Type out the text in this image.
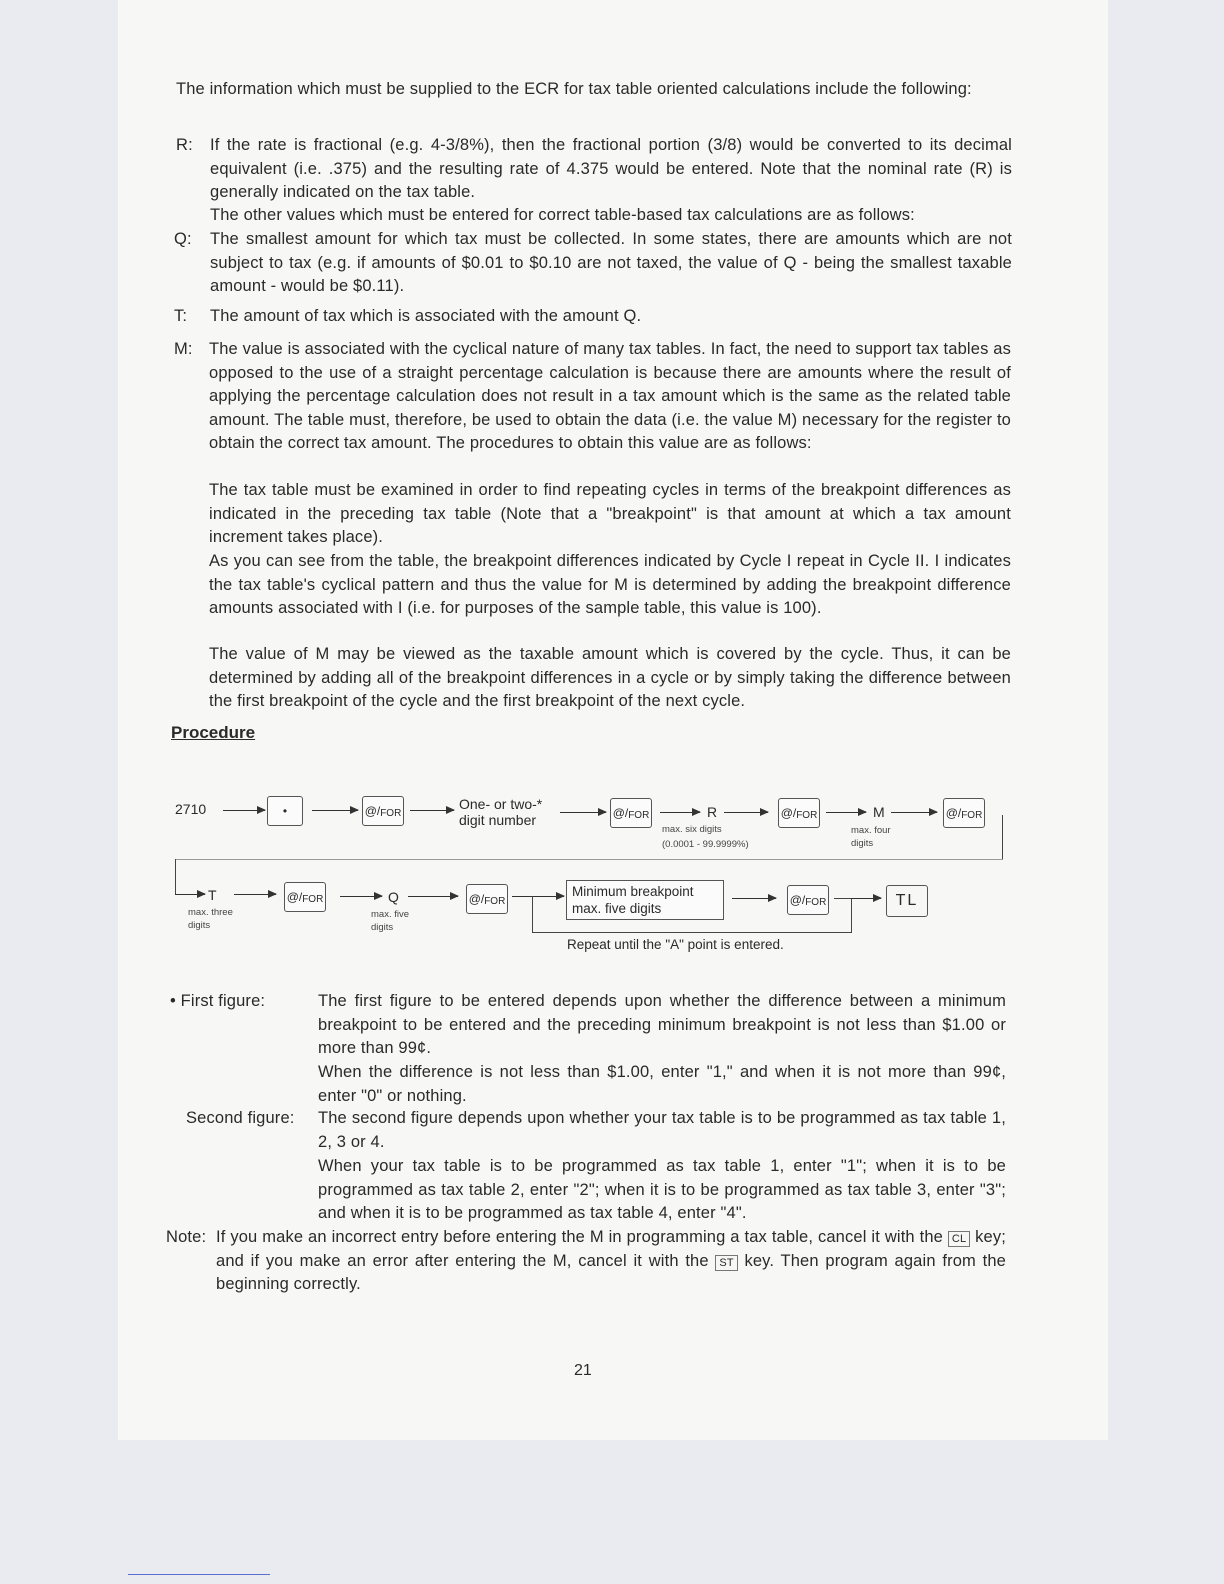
The information which must be supplied to the ECR for tax table oriented calculations include the following:
R: If the rate is fractional (e.g. 4-3/8%), then the fractional portion (3/8) would be converted to its decimal equivalent (i.e. .375) and the resulting rate of 4.375 would be entered. Note that the nominal rate (R) is generally indicated on the tax table.
The other values which must be entered for correct table-based tax calculations are as follows:
Q: The smallest amount for which tax must be collected. In some states, there are amounts which are not subject to tax (e.g. if amounts of $0.01 to $0.10 are not taxed, the value of Q - being the smallest taxable amount - would be $0.11).
T: The amount of tax which is associated with the amount Q.
M: The value is associated with the cyclical nature of many tax tables. In fact, the need to support tax tables as opposed to the use of a straight percentage calculation is because there are amounts where the result of applying the percentage calculation does not result in a tax amount which is the same as the related table amount. The table must, therefore, be used to obtain the data (i.e. the value M) necessary for the register to obtain the correct tax amount. The procedures to obtain this value are as follows:
The tax table must be examined in order to find repeating cycles in terms of the breakpoint differences as indicated in the preceding tax table (Note that a "breakpoint" is that amount at which a tax amount increment takes place).
As you can see from the table, the breakpoint differences indicated by Cycle I repeat in Cycle II. I indicates the tax table's cyclical pattern and thus the value for M is determined by adding the breakpoint difference amounts associated with I (i.e. for purposes of the sample table, this value is 100).
The value of M may be viewed as the taxable amount which is covered by the cycle. Thus, it can be determined by adding all of the breakpoint differences in a cycle or by simply taking the difference between the first breakpoint of the cycle and the first breakpoint of the next cycle.
Procedure
2710	•	@/ FOR
One- or two-* digit number	@/ FOR	R
max. six digits
(0.0001 - 99.9999%)
@/ FOR	M
max. four digits
@/ FOR
T
max. three digits
@/ FOR	Q
max. five digits
@/ FOR
Minimum breakpoint
max. five digits
@/ FOR	TL
Repeat until the "A" point is entered.
• First figure:	The first figure to be entered depends upon whether the difference between a minimum breakpoint to be entered and the preceding minimum breakpoint is not less than $1.00 or more than 99¢.
When the difference is not less than $1.00, enter "1," and when it is not more than 99¢, enter "0" or nothing.
Second figure: The second figure depends upon whether your tax table is to be programmed as tax table 1, 2, 3 or 4.
When your tax table is to be programmed as tax table 1, enter "1"; when it is to be programmed as tax table 2, enter "2"; when it is to be programmed as tax table 3, enter "3"; and when it is to be programmed as tax table 4, enter "4".
Note: If you make an incorrect entry before entering the M in programming a tax table, cancel it with the CL key; and if you make an error after entering the M, cancel it with the ST key. Then program again from the beginning correctly.
21
